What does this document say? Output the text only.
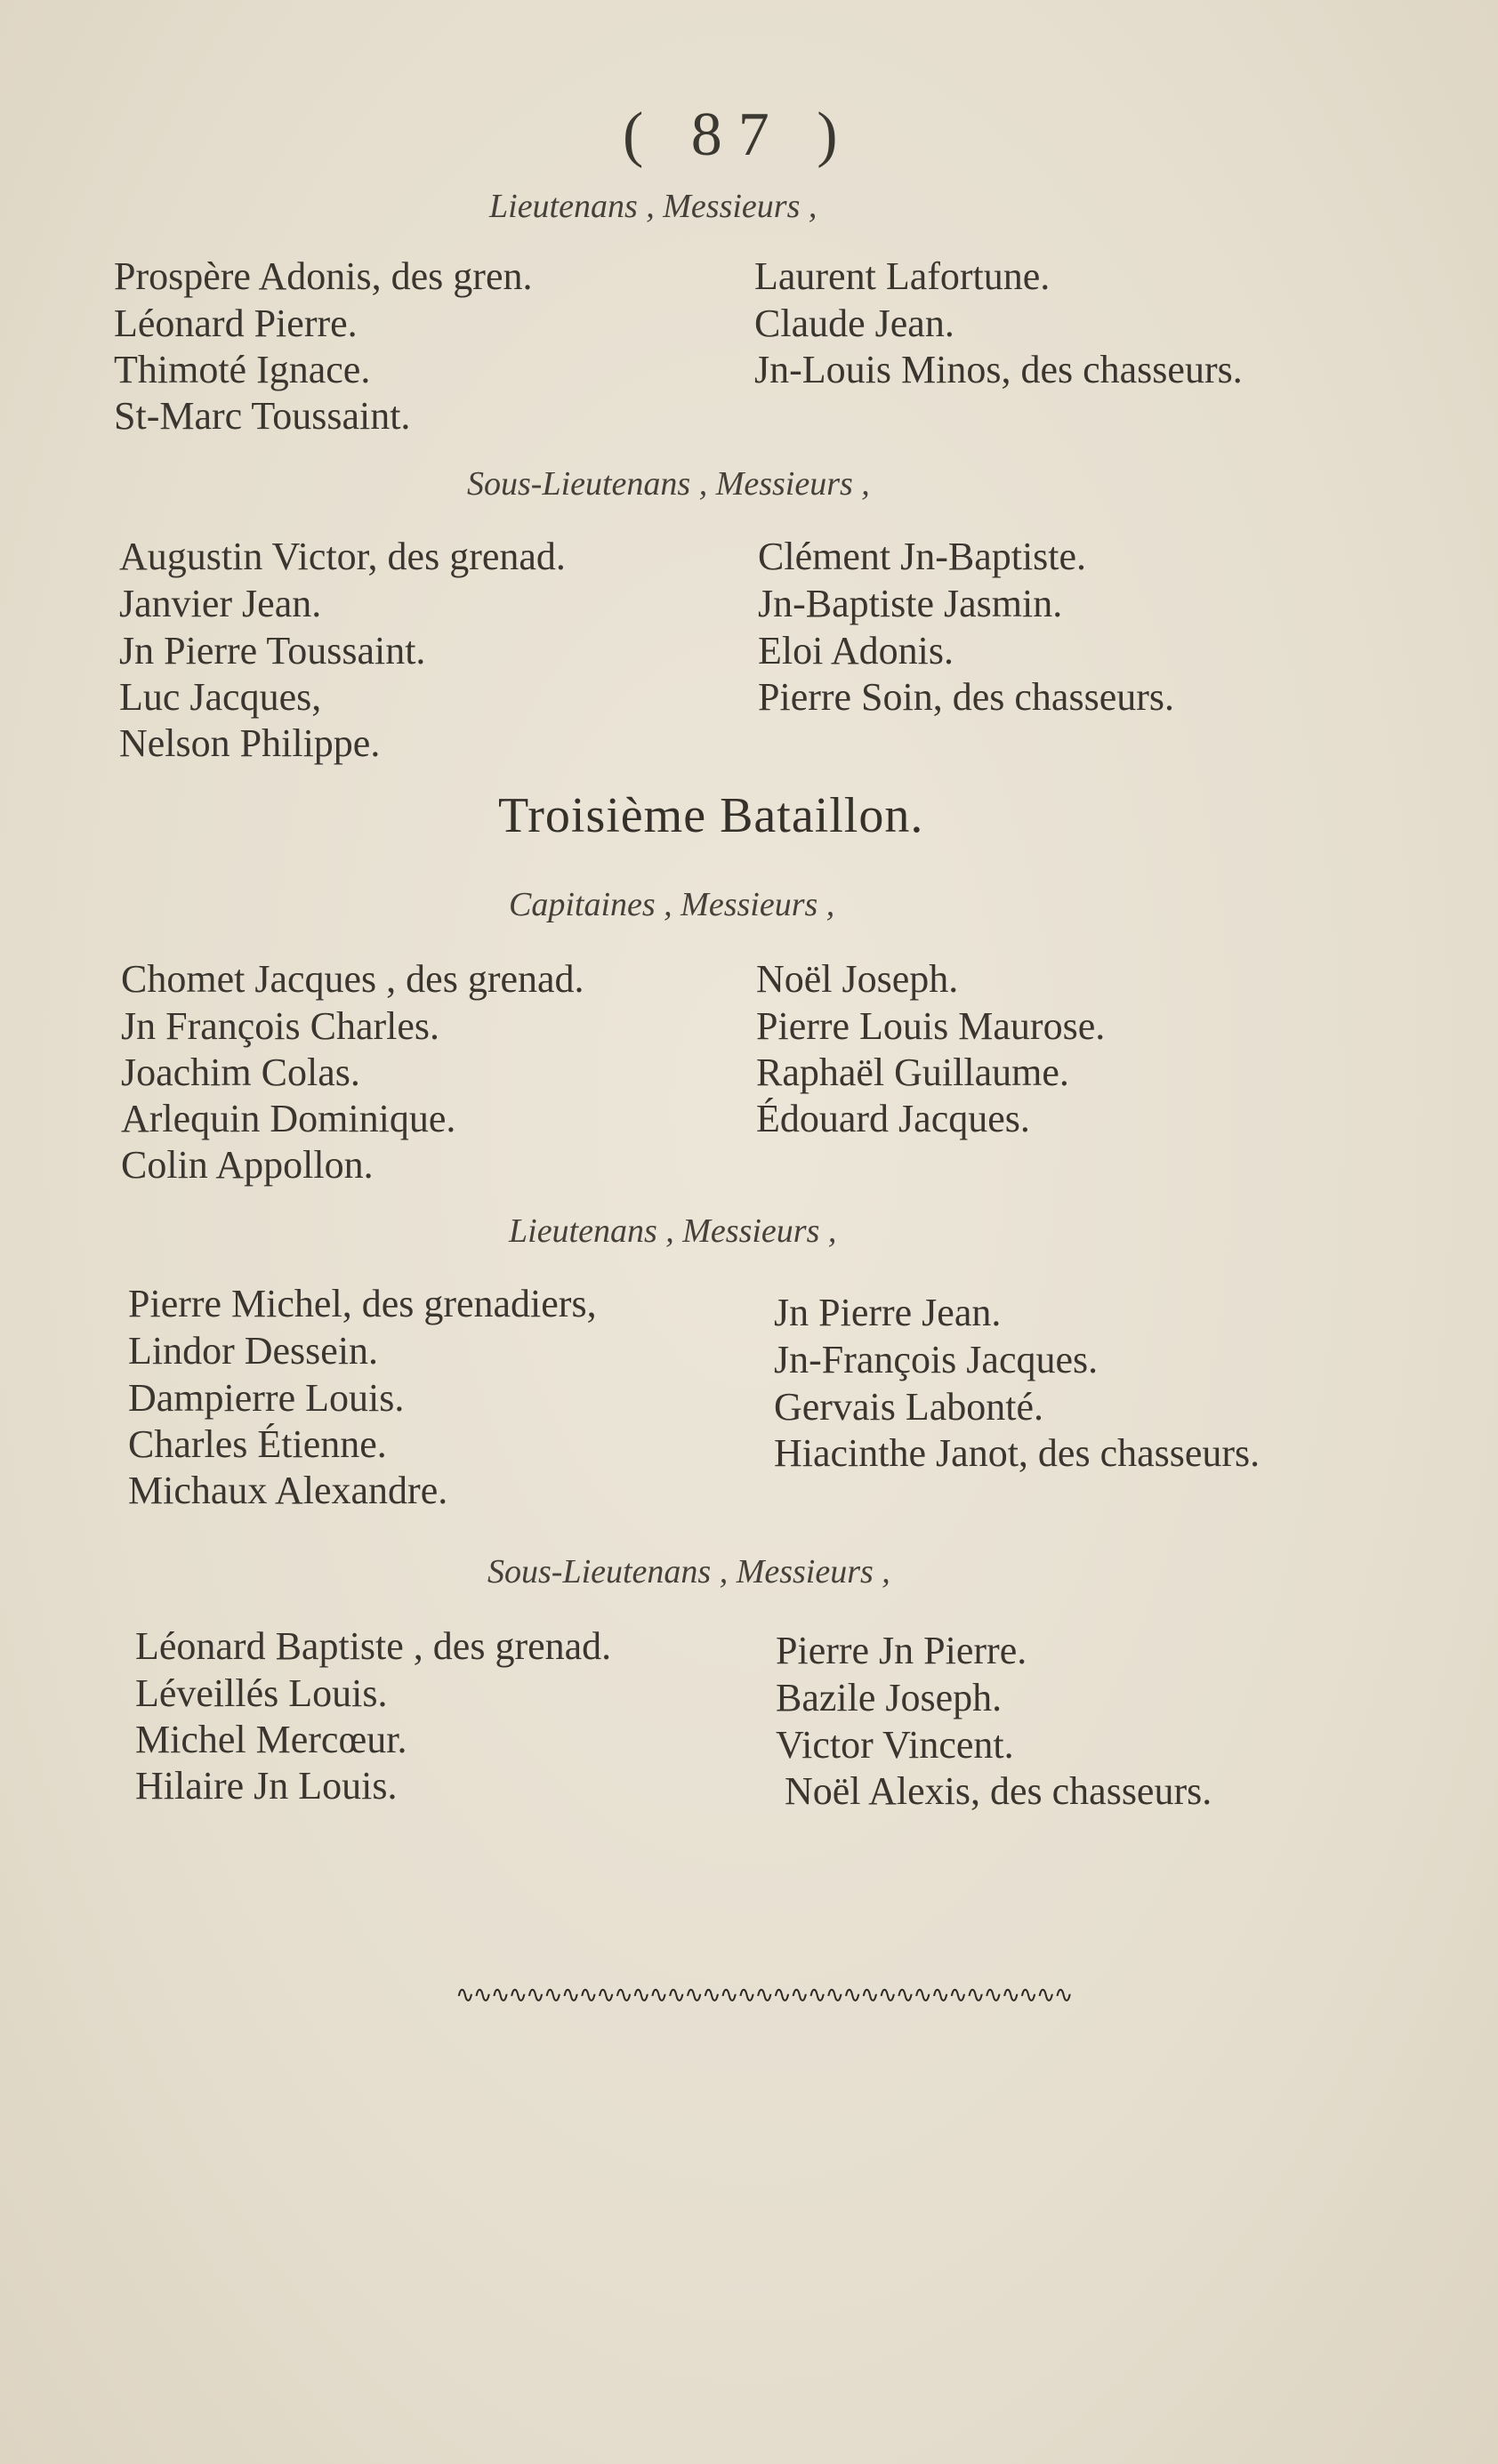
( 87 )
Lieutenans , Messieurs ,
Prospère Adonis, des gren.
Léonard Pierre.
Thimoté Ignace.
St-Marc Toussaint.
Laurent Lafortune.
Claude Jean.
Jn-Louis Minos, des chasseurs.
Sous-Lieutenans , Messieurs ,
Augustin Victor, des grenad.
Janvier Jean.
Jn Pierre Toussaint.
Luc Jacques,
Nelson Philippe.
Clément Jn-Baptiste.
Jn-Baptiste Jasmin.
Eloi Adonis.
Pierre Soin, des chasseurs.
Troisième Bataillon.
Capitaines , Messieurs ,
Chomet Jacques , des grenad.
Jn François Charles.
Joachim Colas.
Arlequin Dominique.
Colin Appollon.
Noël Joseph.
Pierre Louis Maurose.
Raphaël Guillaume.
Édouard Jacques.
Lieutenans , Messieurs ,
Pierre Michel, des grenadiers,
Lindor Dessein.
Dampierre Louis.
Charles Étienne.
Michaux Alexandre.
Jn Pierre Jean.
Jn-François Jacques.
Gervais Labonté.
Hiacinthe Janot, des chasseurs.
Sous-Lieutenans , Messieurs ,
Léonard Baptiste , des grenad.
Léveillés Louis.
Michel Mercœur.
Hilaire Jn Louis.
Pierre Jn Pierre.
Bazile Joseph.
Victor Vincent.
Noël Alexis, des chasseurs.
∿∿∿∿∿∿∿∿∿∿∿∿∿∿∿∿∿∿∿∿∿∿∿∿∿∿∿∿∿∿∿∿∿∿∿
